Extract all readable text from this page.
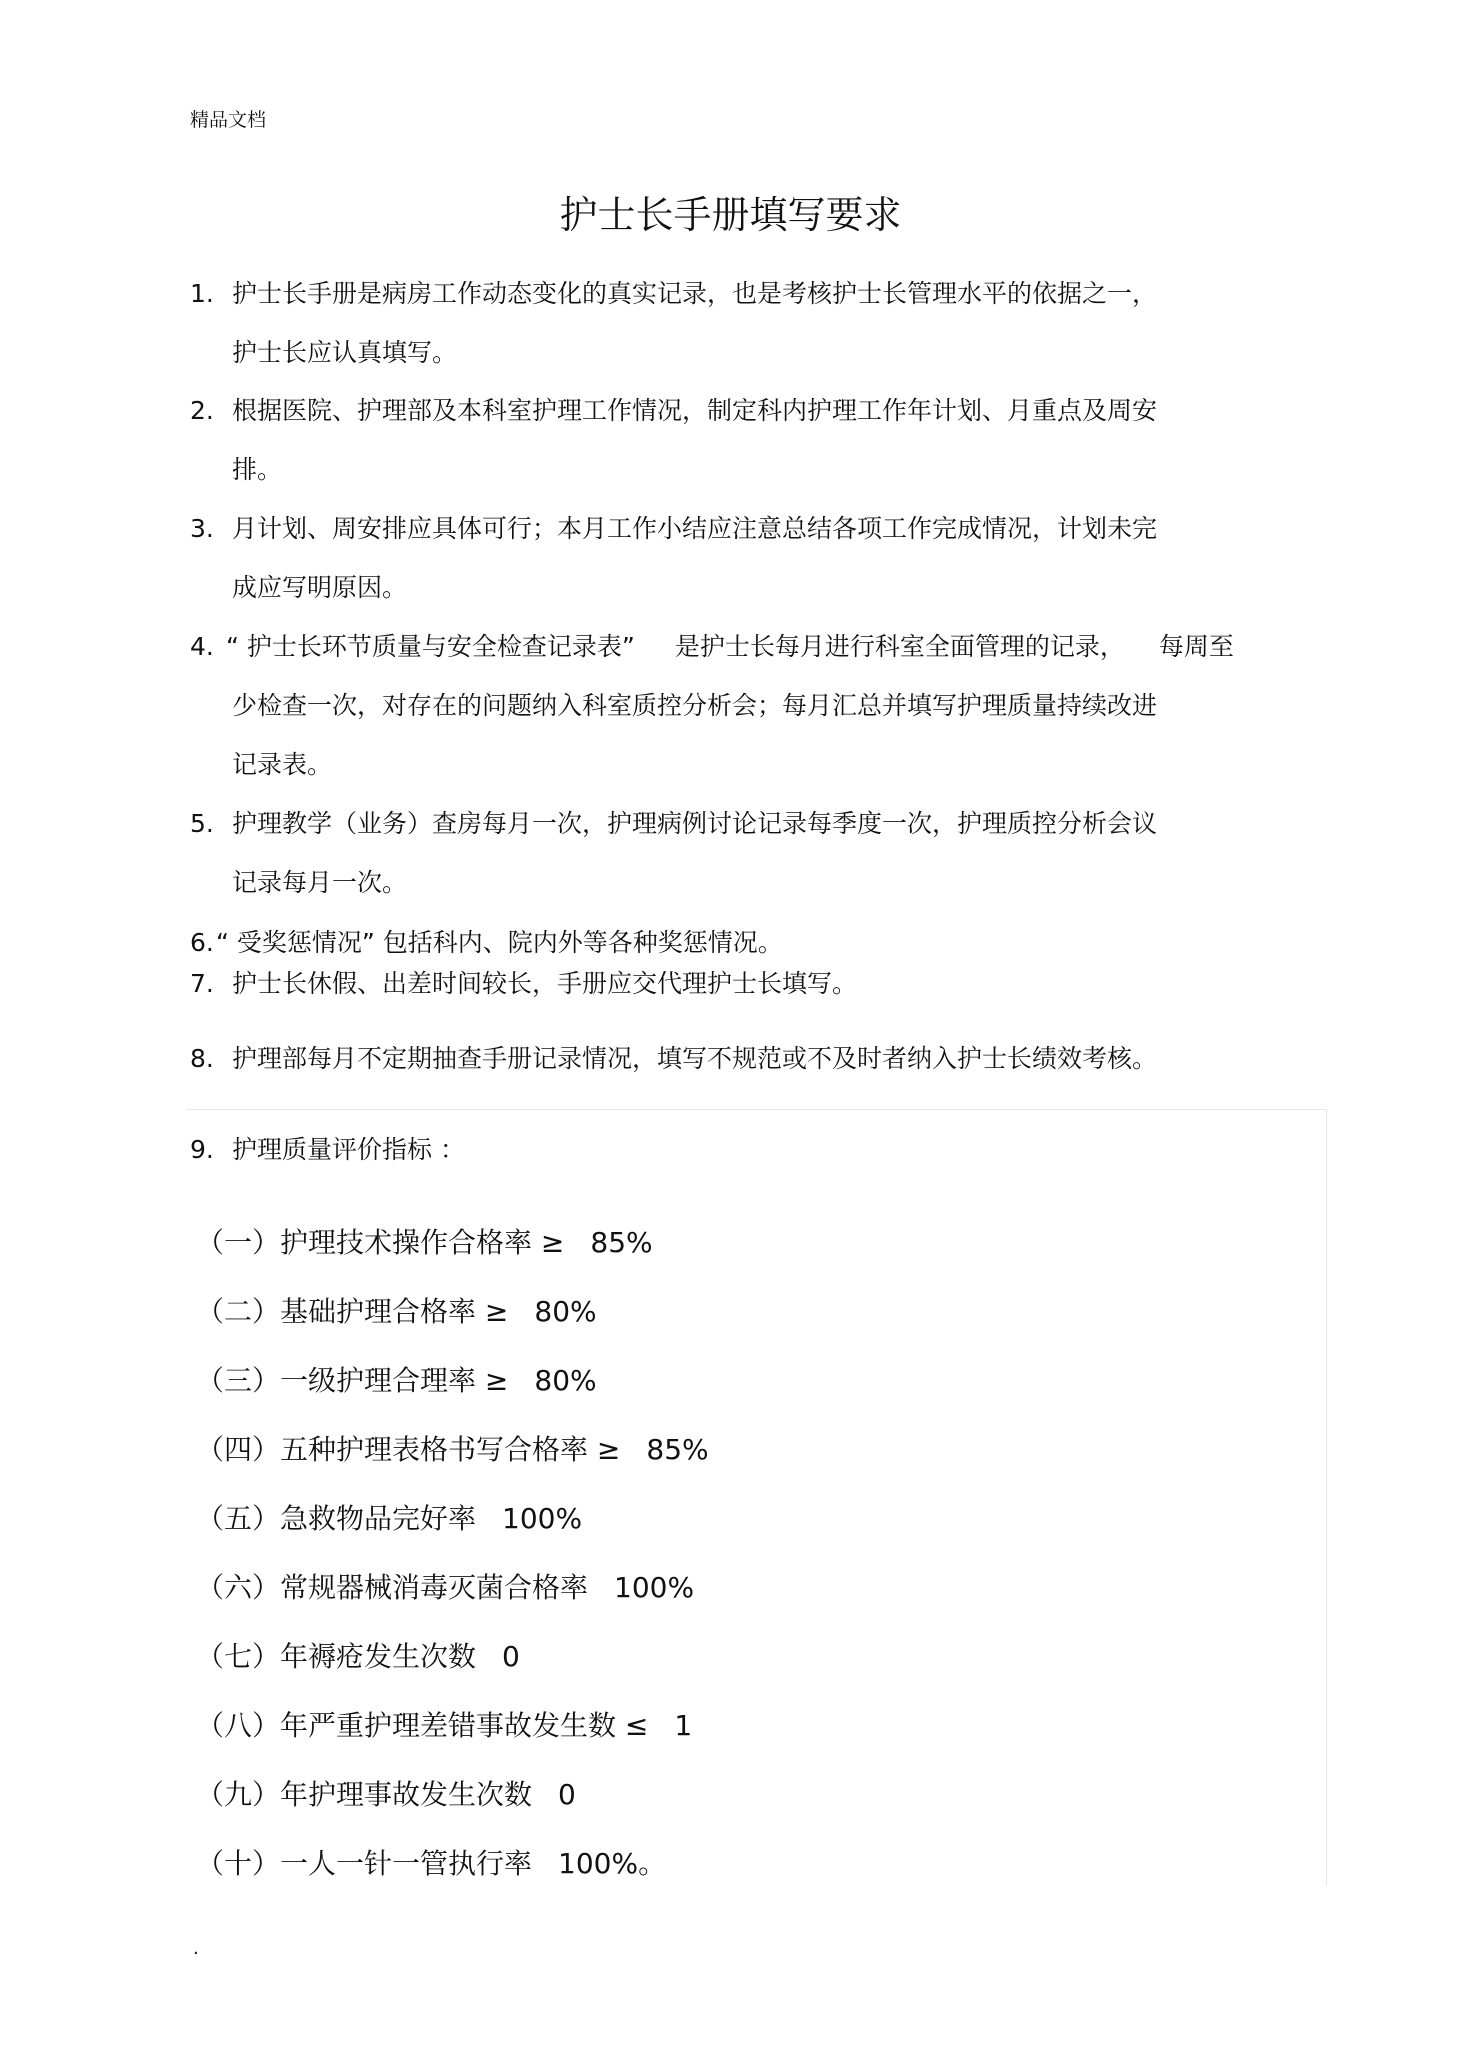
精品文档
护士长手册填写要求
1. 护士长手册是病房工作动态变化的真实记录，也是考核护士长管理水平的依据之一，
护士长应认真填写。
2. 根据医院、护理部及本科室护理工作情况，制定科内护理工作年计划、月重点及周安
排。
3. 月计划、周安排应具体可行；本月工作小结应注意总结各项工作完成情况，计划未完
成应写明原因。
4. “ 护士长环节质量与安全检查记录表” 是护士长每月进行科室全面管理的记录， 每周至
少检查一次，对存在的问题纳入科室质控分析会；每月汇总并填写护理质量持续改进
记录表。
5. 护理教学（业务）查房每月一次，护理病例讨论记录每季度一次，护理质控分析会议
记录每月一次。
6.“ 受奖惩情况” 包括科内、院内外等各种奖惩情况。
7. 护士长休假、出差时间较长，手册应交代理护士长填写。
8. 护理部每月不定期抽查手册记录情况，填写不规范或不及时者纳入护士长绩效考核。
9. 护理质量评价指标 ：
（一）护理技术操作合格率 ≥ 85%
（二）基础护理合格率 ≥ 80%
（三）一级护理合理率 ≥ 80%
（四）五种护理表格书写合格率 ≥ 85%
（五）急救物品完好率 100%
（六）常规器械消毒灭菌合格率 100%
（七）年褥疮发生次数 0
（八）年严重护理差错事故发生数 ≤ 1
（九）年护理事故发生次数 0
（十）一人一针一管执行率 100%。
.
